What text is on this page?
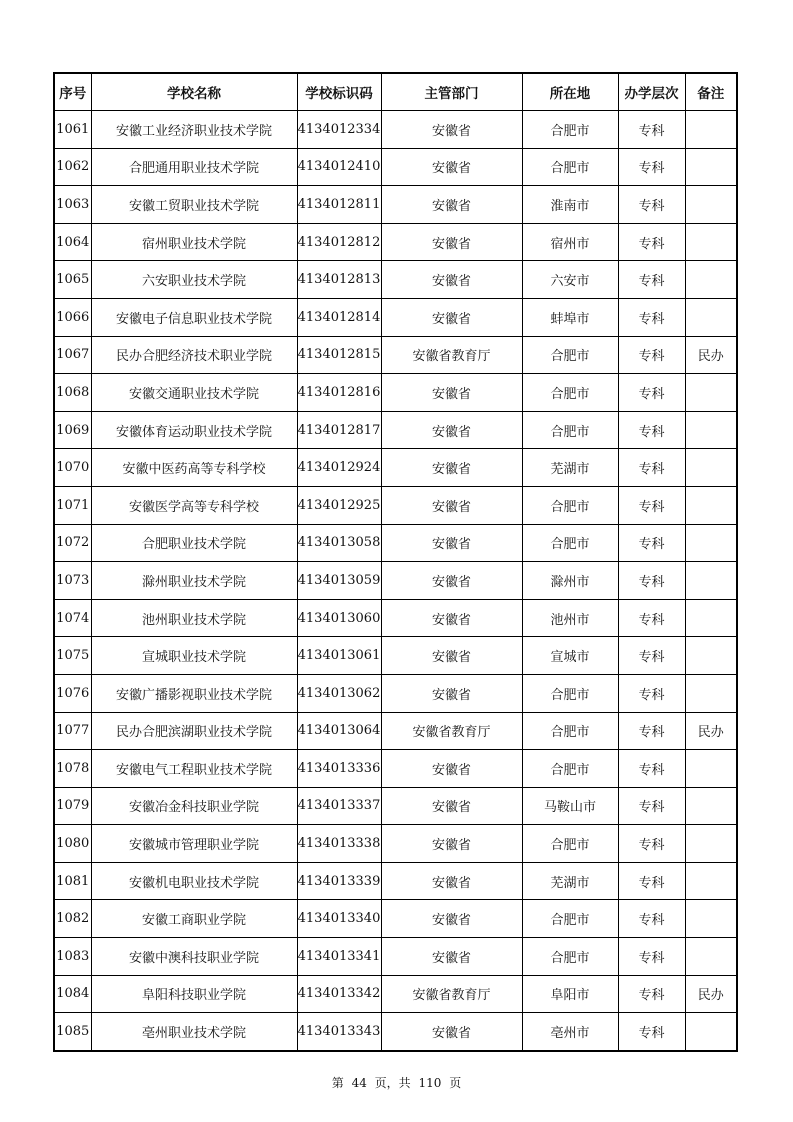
序号	学校名称	学校标识码	主管部门	所在地	办学层次	备注
1061	安徽工业经济职业技术学院	4134012334	安徽省	合肥市	专科	
1062	合肥通用职业技术学院	4134012410	安徽省	合肥市	专科	
1063	安徽工贸职业技术学院	4134012811	安徽省	淮南市	专科	
1064	宿州职业技术学院	4134012812	安徽省	宿州市	专科	
1065	六安职业技术学院	4134012813	安徽省	六安市	专科	
1066	安徽电子信息职业技术学院	4134012814	安徽省	蚌埠市	专科	
1067	民办合肥经济技术职业学院	4134012815	安徽省教育厅	合肥市	专科	民办
1068	安徽交通职业技术学院	4134012816	安徽省	合肥市	专科	
1069	安徽体育运动职业技术学院	4134012817	安徽省	合肥市	专科	
1070	安徽中医药高等专科学校	4134012924	安徽省	芜湖市	专科	
1071	安徽医学高等专科学校	4134012925	安徽省	合肥市	专科	
1072	合肥职业技术学院	4134013058	安徽省	合肥市	专科	
1073	滁州职业技术学院	4134013059	安徽省	滁州市	专科	
1074	池州职业技术学院	4134013060	安徽省	池州市	专科	
1075	宣城职业技术学院	4134013061	安徽省	宣城市	专科	
1076	安徽广播影视职业技术学院	4134013062	安徽省	合肥市	专科	
1077	民办合肥滨湖职业技术学院	4134013064	安徽省教育厅	合肥市	专科	民办
1078	安徽电气工程职业技术学院	4134013336	安徽省	合肥市	专科	
1079	安徽冶金科技职业学院	4134013337	安徽省	马鞍山市	专科	
1080	安徽城市管理职业学院	4134013338	安徽省	合肥市	专科	
1081	安徽机电职业技术学院	4134013339	安徽省	芜湖市	专科	
1082	安徽工商职业学院	4134013340	安徽省	合肥市	专科	
1083	安徽中澳科技职业学院	4134013341	安徽省	合肥市	专科	
1084	阜阳科技职业学院	4134013342	安徽省教育厅	阜阳市	专科	民办
1085	亳州职业技术学院	4134013343	安徽省	亳州市	专科	
第 44 页，共 110 页
